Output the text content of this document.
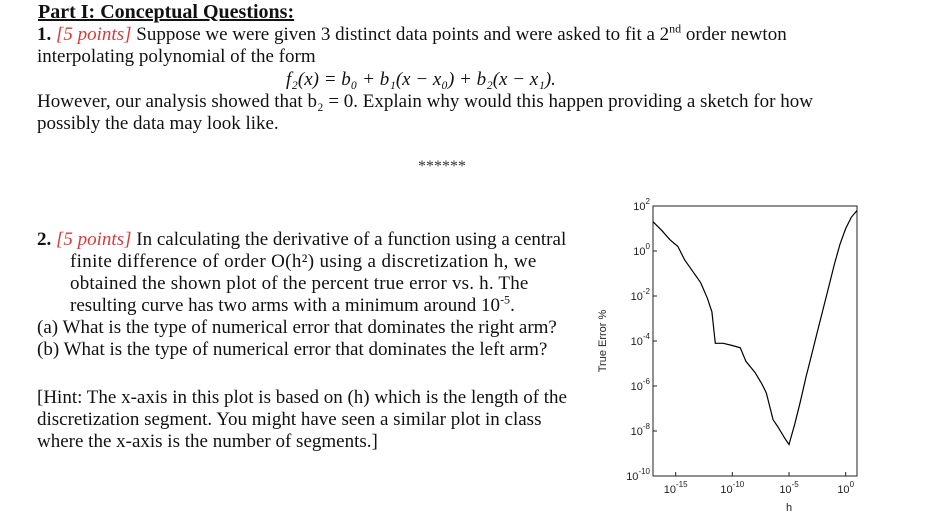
Part I: Conceptual Questions:
1. [5 points] Suppose we were given 3 distinct data points and were asked to fit a 2nd order newton
interpolating polynomial of the form
f₂(x) = b₀ + b₁(x − x₀) + b₂(x − x₁).
However, our analysis showed that b₂ = 0. Explain why would this happen providing a sketch for how
possibly the data may look like.
******
2. [5 points] In calculating the derivative of a function using a central
finite difference of order O(h²) using a discretization h, we
obtained the shown plot of the percent true error vs. h. The
resulting curve has two arms with a minimum around $10^{-5}$.
(a) What is the type of numerical error that dominates the right arm?
(b) What is the type of numerical error that dominates the left arm?
[Hint: The x-axis in this plot is based on (h) which is the length of the
discretization segment. You might have seen a similar plot in class
where the x-axis is the number of segments.]
$10^{-15}$	$10^{-10}$	$10^{-5}$	$10^0$
$10^2$
$10^0$
$10^{-2}$
$10^{-4}$
$10^{-6}$
$10^{-8}$
$10^{-10}$
h
True Error %
